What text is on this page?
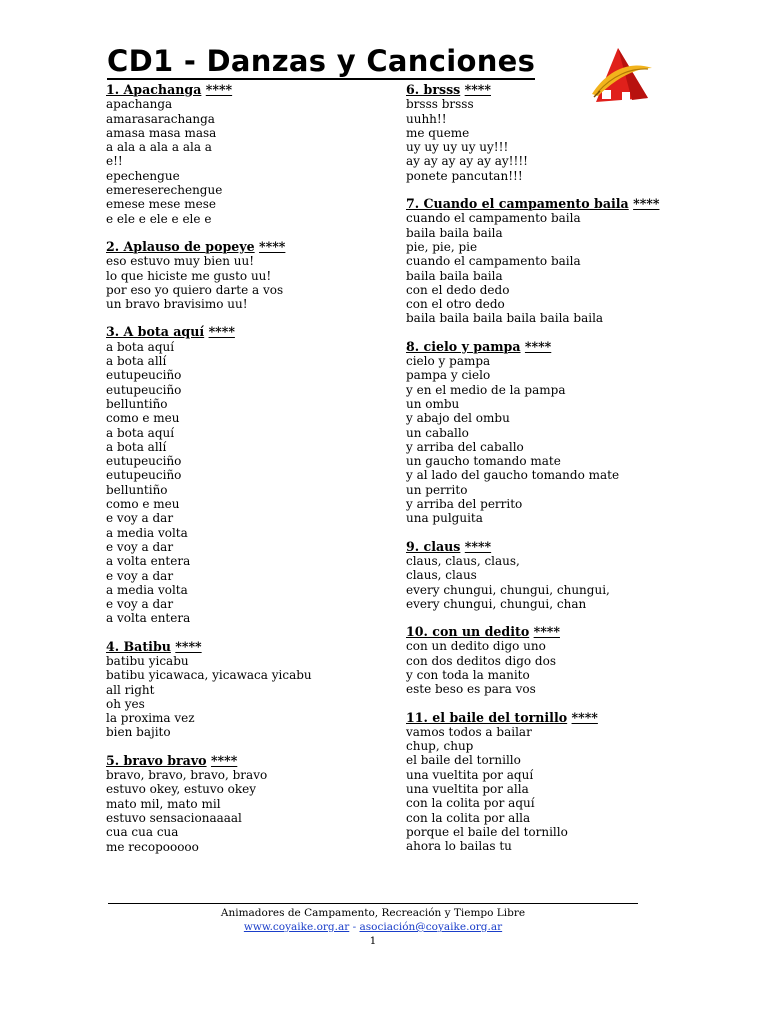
CD1 - Danzas y Canciones
1. Apachanga ****
apachanga
amarasarachanga
amasa masa masa
a ala a ala a ala a
e!!
epechengue
emereserechengue
emese mese mese
e ele e ele e ele e
2. Aplauso de popeye ****
eso estuvo muy bien uu!
lo que hiciste me gusto uu!
por eso yo quiero darte a vos
un bravo bravisimo uu!
3. A bota aquí ****
a bota aquí
a bota allí
eutupeuciño
eutupeuciño
belluntiño
como e meu
a bota aquí
a bota allí
eutupeuciño
eutupeuciño
belluntiño
como e meu
e voy a dar
a media volta
e voy a dar
a volta entera
e voy a dar
a media volta
e voy a dar
a volta entera
4. Batibu ****
batibu yicabu
batibu yicawaca, yicawaca yicabu
all right
oh yes
la proxima vez
bien bajito
5. bravo bravo ****
bravo, bravo, bravo, bravo
estuvo okey, estuvo okey
mato mil, mato mil
estuvo sensacionaaaal
cua cua cua
me recopooooo
6. brsss ****
brsss brsss
uuhh!!
me queme
uy uy uy uy uy!!!
ay ay ay ay ay ay!!!!
ponete pancutan!!!
7. Cuando el campamento baila ****
cuando el campamento baila
baila baila baila
pie, pie, pie
cuando el campamento baila
baila baila baila
con el dedo dedo
con el otro dedo
baila baila baila baila baila baila
8. cielo y pampa ****
cielo y pampa
pampa y cielo
y en el medio de la pampa
un ombu
y abajo del ombu
un caballo
y arriba del caballo
un gaucho tomando mate
y al lado del gaucho tomando mate
un perrito
y arriba del perrito
una pulguita
9. claus ****
claus, claus, claus,
claus, claus
every chungui, chungui, chungui,
every chungui, chungui, chan
10. con un dedito ****
con un dedito digo uno
con dos deditos digo dos
y con toda la manito
este beso es para vos
11. el baile del tornillo ****
vamos todos a bailar
chup, chup
el baile del tornillo
una vueltita por aquí
una vueltita por alla
con la colita por aquí
con la colita por alla
porque el baile del tornillo
ahora lo bailas tu
Animadores de Campamento, Recreación y Tiempo Libre
www.coyaike.org.ar - asociación@coyaike.org.ar
1
